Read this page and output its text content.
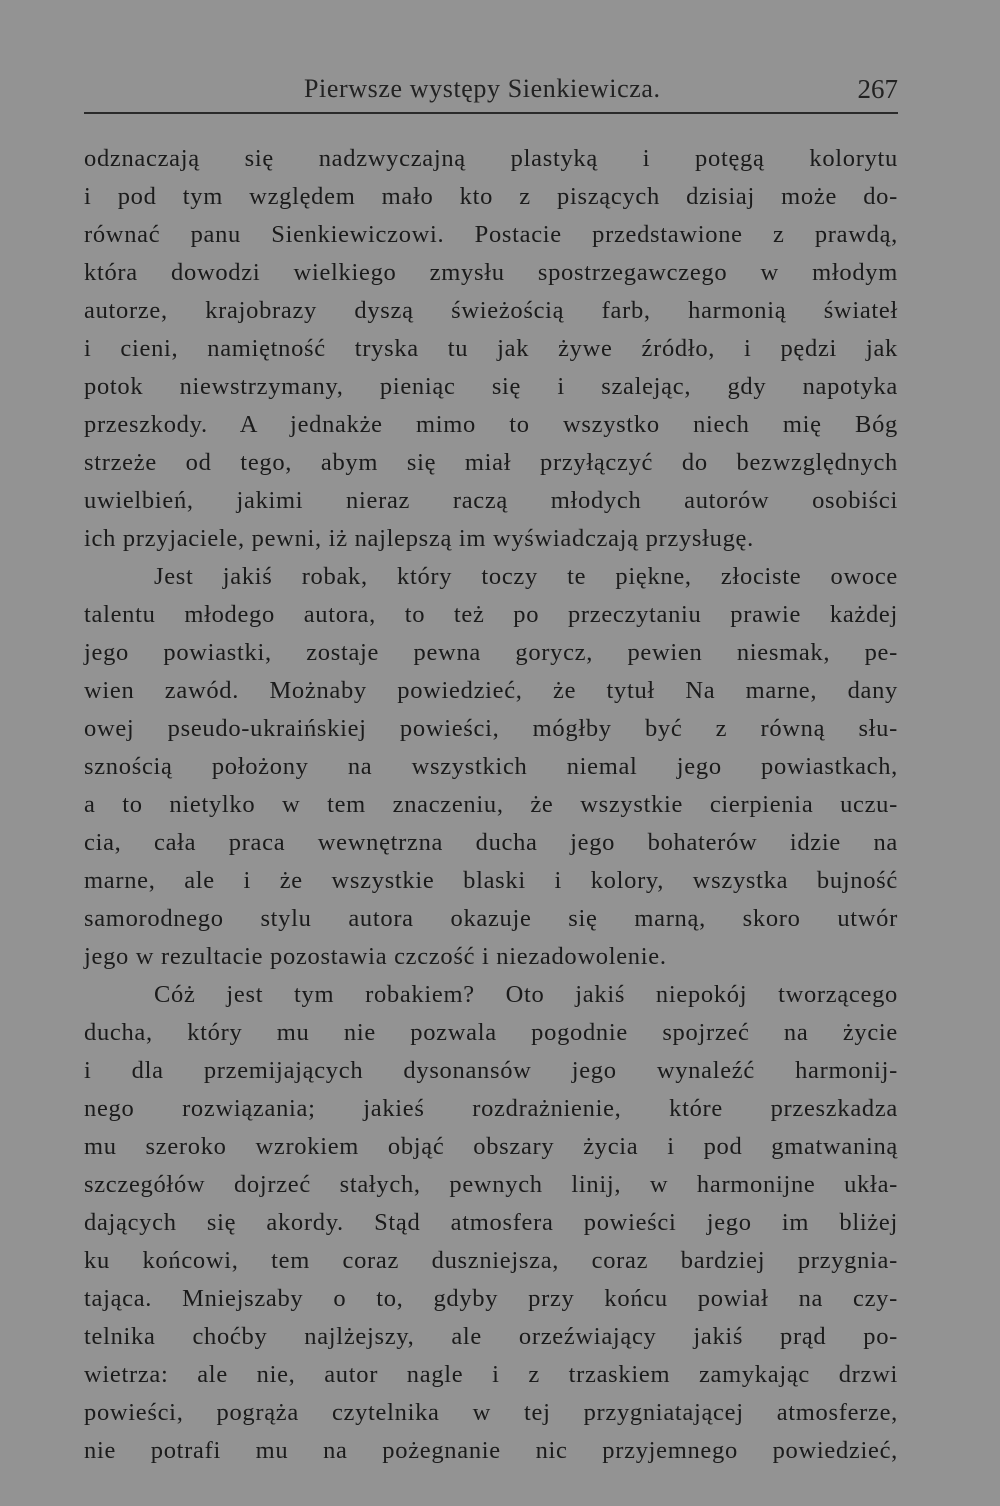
Pierwsze występy Sienkiewicza.	267
odznaczają się nadzwyczajną plastyką i potęgą kolorytu
i pod tym względem mało kto z piszących dzisiaj może do-
równać panu Sienkiewiczowi. Postacie przedstawione z prawdą,
która dowodzi wielkiego zmysłu spostrzegawczego w młodym
autorze, krajobrazy dyszą świeżością farb, harmonią świateł
i cieni, namiętność tryska tu jak żywe źródło, i pędzi jak
potok niewstrzymany, pieniąc się i szalejąc, gdy napotyka
przeszkody. A jednakże mimo to wszystko niech mię Bóg
strzeże od tego, abym się miał przyłączyć do bezwzględnych
uwielbień, jakimi nieraz raczą młodych autorów osobiści
ich przyjaciele, pewni, iż najlepszą im wyświadczają przysługę.
Jest jakiś robak, który toczy te piękne, złociste owoce
talentu młodego autora, to też po przeczytaniu prawie każdej
jego powiastki, zostaje pewna gorycz, pewien niesmak, pe-
wien zawód. Możnaby powiedzieć, że tytuł Na marne, dany
owej pseudo-ukraińskiej powieści, mógłby być z równą słu-
sznością położony na wszystkich niemal jego powiastkach,
a to nietylko w tem znaczeniu, że wszystkie cierpienia uczu-
cia, cała praca wewnętrzna ducha jego bohaterów idzie na
marne, ale i że wszystkie blaski i kolory, wszystka bujność
samorodnego stylu autora okazuje się marną, skoro utwór
jego w rezultacie pozostawia czczość i niezadowolenie.
Cóż jest tym robakiem? Oto jakiś niepokój tworzącego
ducha, który mu nie pozwala pogodnie spojrzeć na życie
i dla przemijających dysonansów jego wynaleźć harmonij-
nego rozwiązania; jakieś rozdrażnienie, które przeszkadza
mu szeroko wzrokiem objąć obszary życia i pod gmatwaniną
szczegółów dojrzeć stałych, pewnych linij, w harmonijne ukła-
dających się akordy. Stąd atmosfera powieści jego im bliżej
ku końcowi, tem coraz duszniejsza, coraz bardziej przygnia-
tająca. Mniejszaby o to, gdyby przy końcu powiał na czy-
telnika choćby najlżejszy, ale orzeźwiający jakiś prąd po-
wietrza: ale nie, autor nagle i z trzaskiem zamykając drzwi
powieści, pogrąża czytelnika w tej przygniatającej atmosferze,
nie potrafi mu na pożegnanie nic przyjemnego powiedzieć,
